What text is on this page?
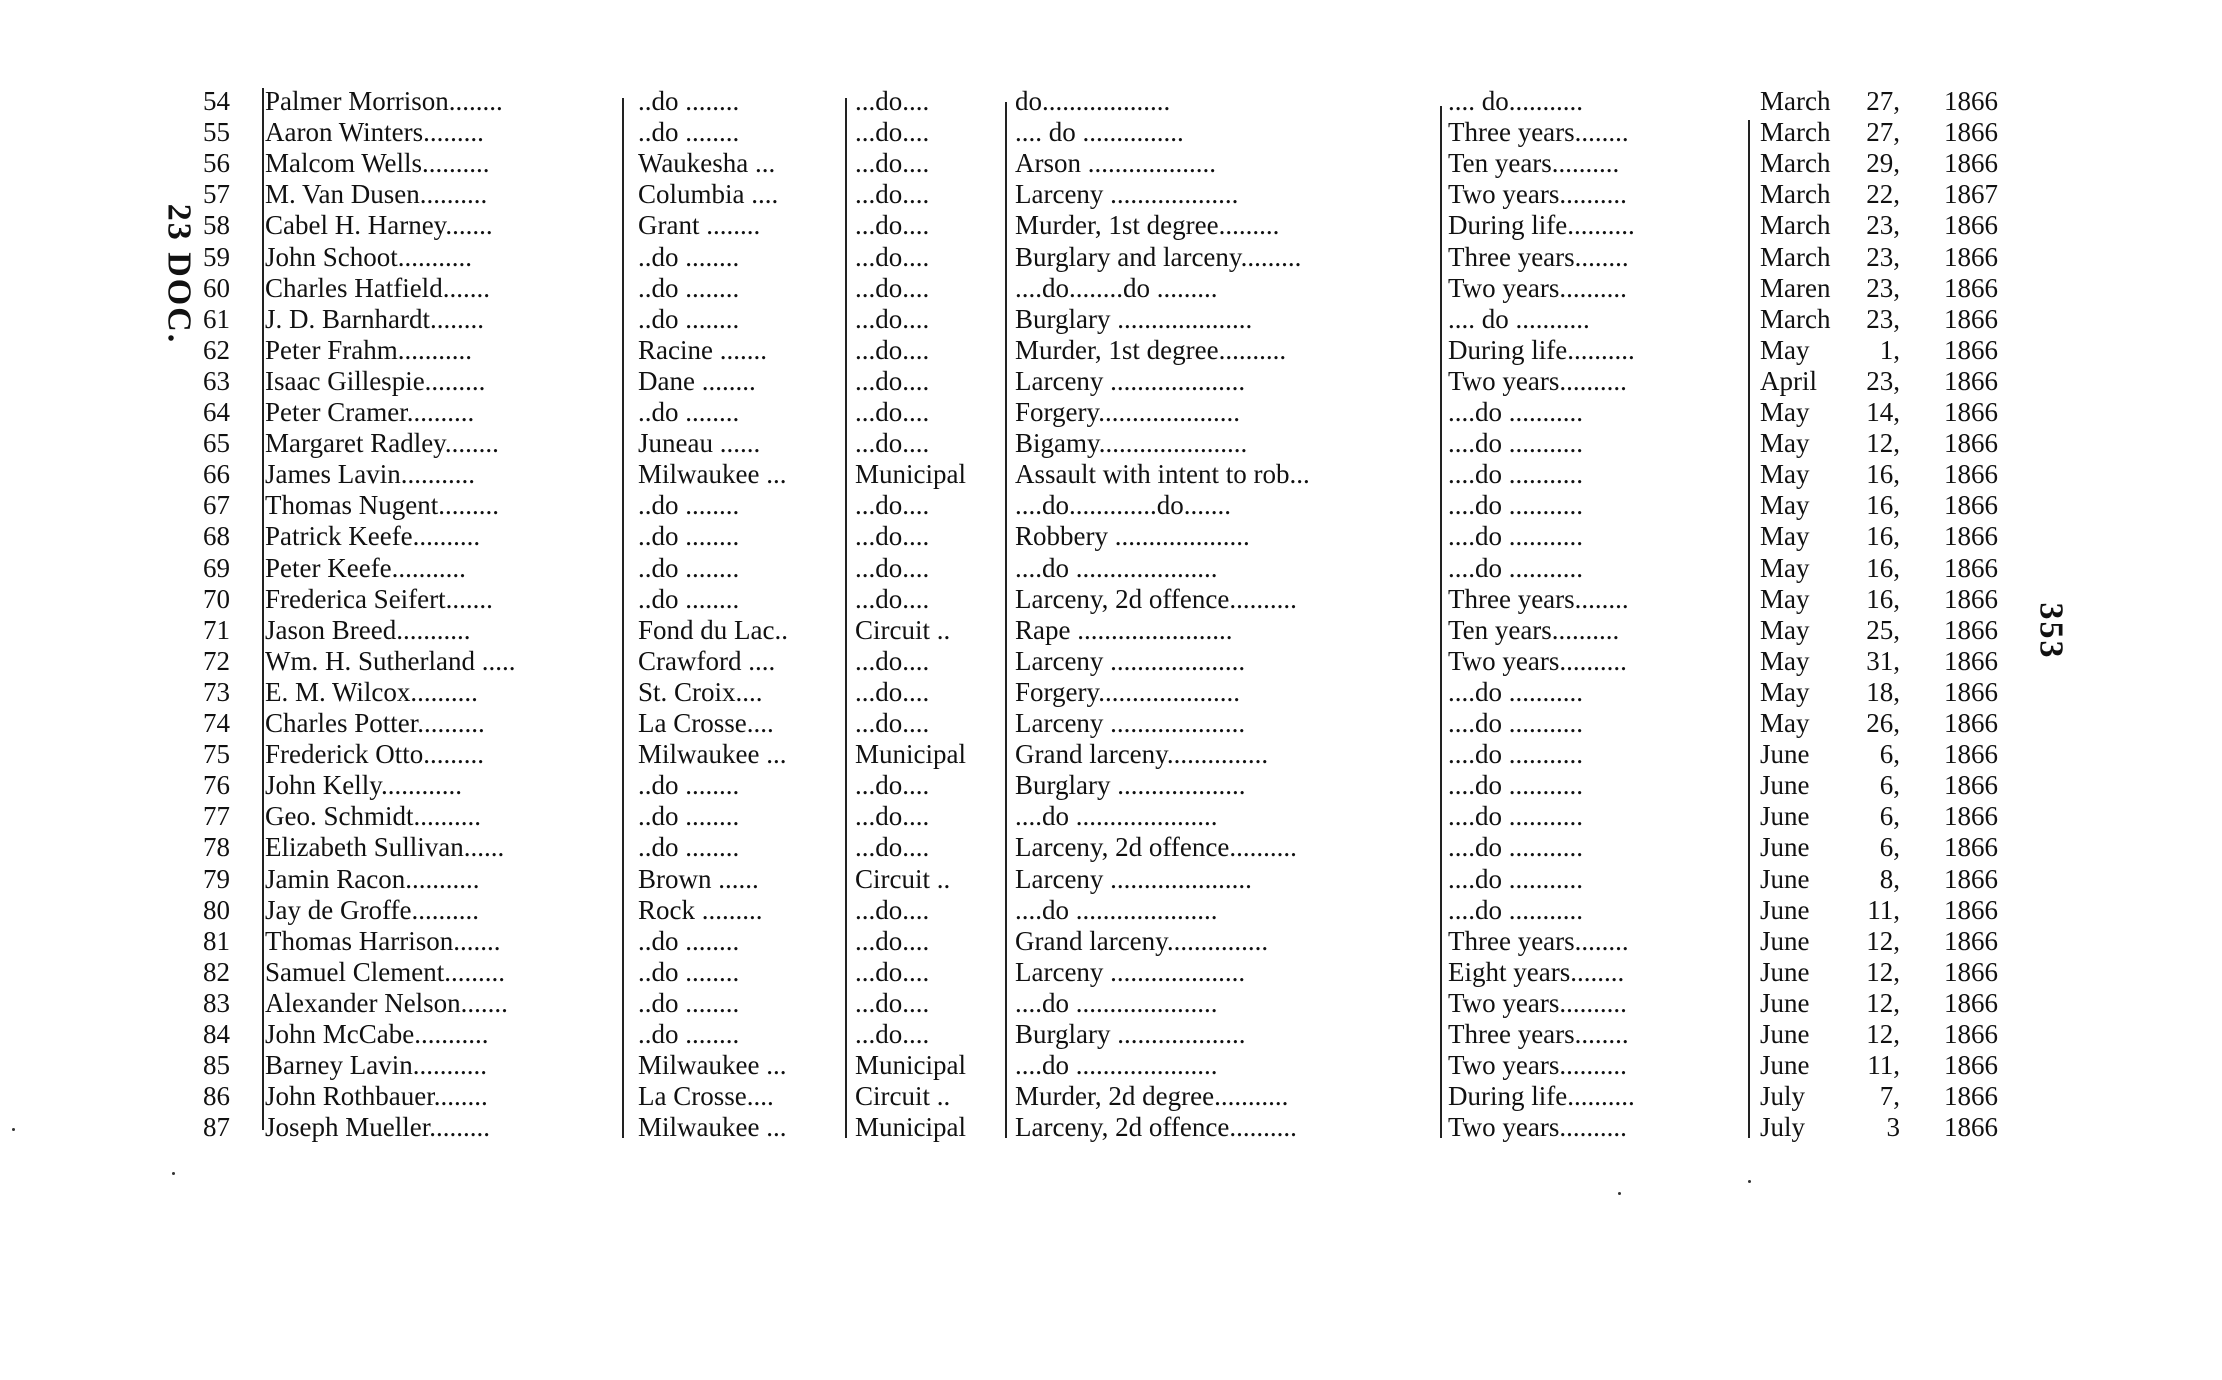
23 DOC.
353
54 Palmer Morrison........	..do ........	...do....	do...................	.... do...........	March	27,	1866
55 Aaron Winters.........	..do ........	...do....	.... do ...............	Three years........	March	27,	1866
56 Malcom Wells..........	Waukesha ...	...do....	Arson ...................	Ten years..........	March	29,	1866
57 M. Van Dusen..........	Columbia ....	...do....	Larceny ...................	Two years..........	March	22,	1867
58 Cabel H. Harney.......	Grant ........	...do....	Murder, 1st degree.........	During life..........	March	23,	1866
59 John Schoot...........	..do ........	...do....	Burglary and larceny.........	Three years........	March	23,	1866
60 Charles Hatfield.......	..do ........	...do....	....do........do .........	Two years..........	Maren	23,	1866
61 J. D. Barnhardt........	..do ........	...do....	Burglary ....................	.... do ...........	March	23,	1866
62 Peter Frahm...........	Racine .......	...do....	Murder, 1st degree..........	During life..........	May	1,	1866
63 Isaac Gillespie.........	Dane ........	...do....	Larceny ....................	Two years..........	April	23,	1866
64 Peter Cramer..........	..do ........	...do....	Forgery.....................	....do ...........	May	14,	1866
65 Margaret Radley........	Juneau ......	...do....	Bigamy......................	....do ...........	May	12,	1866
66 James Lavin...........	Milwaukee ...	Municipal	Assault with intent to rob...	....do ...........	May	16,	1866
67 Thomas Nugent.........	..do ........	...do....	....do.............do.......	....do ...........	May	16,	1866
68 Patrick Keefe..........	..do ........	...do....	Robbery ....................	....do ...........	May	16,	1866
69 Peter Keefe...........	..do ........	...do....	....do .....................	....do ...........	May	16,	1866
70 Frederica Seifert.......	..do ........	...do....	Larceny, 2d offence..........	Three years........	May	16,	1866
71 Jason Breed...........	Fond du Lac..	Circuit ..	Rape .......................	Ten years..........	May	25,	1866
72 Wm. H. Sutherland .....	Crawford ....	...do....	Larceny ....................	Two years..........	May	31,	1866
73 E. M. Wilcox..........	St. Croix....	...do....	Forgery.....................	....do ...........	May	18,	1866
74 Charles Potter..........	La Crosse....	...do....	Larceny ....................	....do ...........	May	26,	1866
75 Frederick Otto.........	Milwaukee ...	Municipal	Grand larceny...............	....do ...........	June	6,	1866
76 John Kelly............	..do ........	...do....	Burglary ...................	....do ...........	June	6,	1866
77 Geo. Schmidt..........	..do ........	...do....	....do .....................	....do ...........	June	6,	1866
78 Elizabeth Sullivan......	..do ........	...do....	Larceny, 2d offence..........	....do ...........	June	6,	1866
79 Jamin Racon...........	Brown ......	Circuit ..	Larceny .....................	....do ...........	June	8,	1866
80 Jay de Groffe..........	Rock .........	...do....	....do .....................	....do ...........	June	11,	1866
81 Thomas Harrison.......	..do ........	...do....	Grand larceny...............	Three years........	June	12,	1866
82 Samuel Clement.........	..do ........	...do....	Larceny ....................	Eight years........	June	12,	1866
83 Alexander Nelson.......	..do ........	...do....	....do .....................	Two years..........	June	12,	1866
84 John McCabe...........	..do ........	...do....	Burglary ...................	Three years........	June	12,	1866
85 Barney Lavin...........	Milwaukee ...	Municipal	....do .....................	Two years..........	June	11,	1866
86 John Rothbauer........	La Crosse....	Circuit ..	Murder, 2d degree...........	During life..........	July	7,	1866
87 Joseph Mueller.........	Milwaukee ...	Municipal	Larceny, 2d offence..........	Two years..........	July	3	1866
